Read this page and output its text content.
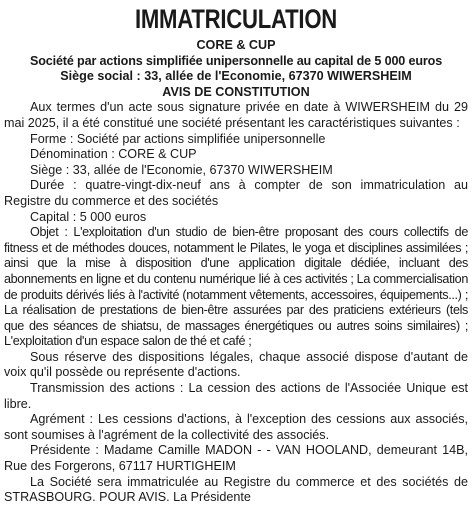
IMMATRICULATION
CORE & CUP
Société par actions simplifiée unipersonnelle au capital de 5 000 euros
Siège social : 33, allée de l'Economie, 67370 WIWERSHEIM
AVIS DE CONSTITUTION

Aux termes d'un acte sous signature privée en date à WIWERSHEIM du 29 mai 2025, il a été constitué une société présentant les caractéristiques suivantes :

Forme : Société par actions simplifiée unipersonnelle

Dénomination : CORE & CUP

Siège : 33, allée de l'Economie, 67370 WIWERSHEIM

Durée : quatre-vingt-dix-neuf ans à compter de son immatriculation au Registre du commerce et des sociétés

Capital : 5 000 euros

Objet : L'exploitation d'un studio de bien-être proposant des cours collectifs de fitness et de méthodes douces, notamment le Pilates, le yoga et disciplines assimilées ; ainsi que la mise à disposition d'une application digitale dédiée, incluant des abonnements en ligne et du contenu numérique lié à ces activités ; La commercialisation de produits dérivés liés à l'activité (notamment vêtements, accessoires, équipements...) ; La réalisation de prestations de bien-être assurées par des praticiens extérieurs (tels que des séances de shiatsu, de massages énergétiques ou autres soins similaires) ; L'exploitation d'un espace salon de thé et café ;

Sous réserve des dispositions légales, chaque associé dispose d'autant de voix qu'il possède ou représente d'actions.

Transmission des actions : La cession des actions de l'Associée Unique est libre.

Agrément : Les cessions d'actions, à l'exception des cessions aux associés, sont soumises à l'agrément de la collectivité des associés.

Présidente : Madame Camille MADON - - VAN HOOLAND, demeurant 14B, Rue des Forgerons, 67117 HURTIGHEIM

La Société sera immatriculée au Registre du commerce et des sociétés de STRASBOURG. POUR AVIS. La Présidente
